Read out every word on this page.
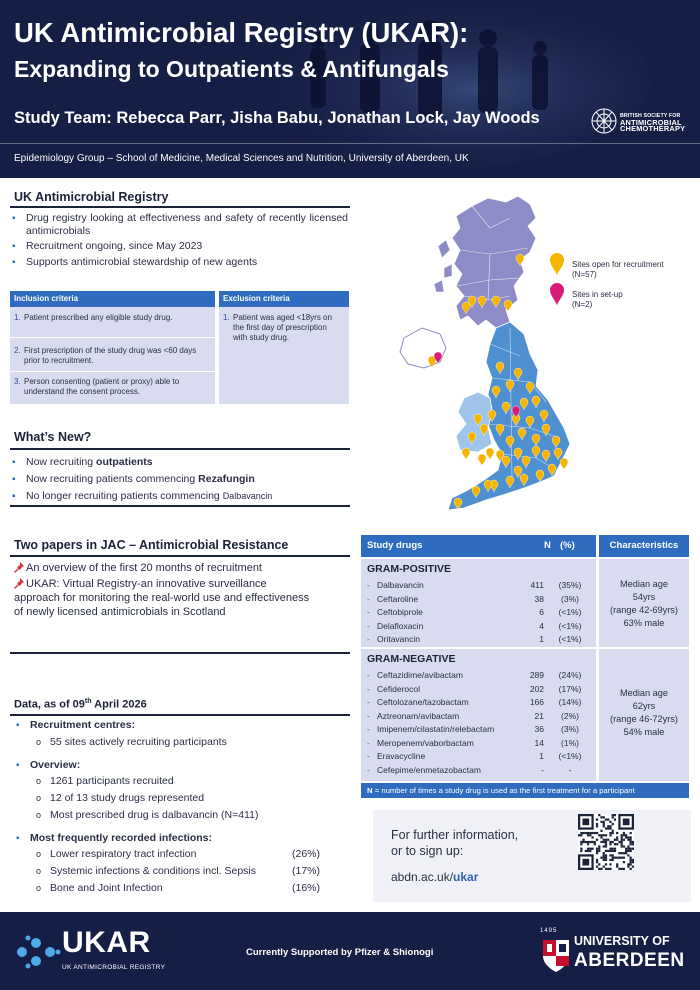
UK Antimicrobial Registry (UKAR):
Expanding to Outpatients & Antifungals
Study Team: Rebecca Parr, Jisha Babu, Jonathan Lock, Jay Woods	BRITISH SOCIETY FOR
ANTIMICROBIAL
CHEMOTHERAPY
Epidemiology Group – School of Medicine, Medical Sciences and Nutrition, University of Aberdeen, UK
UK Antimicrobial Registry
▪ Drug registry looking at effectiveness and safety of recently licensed antimicrobials
▪ Recruitment ongoing, since May 2023
▪ Supports antimicrobial stewardship of new agents
Inclusion criteria	Exclusion criteria
1. Patient prescribed any eligible study drug.
2. First prescription of the study drug was <60 days prior to recruitment.
3. Person consenting (patient or proxy) able to understand the consent process.
1. Patient was aged <18yrs on the first day of prescription with study drug.
What’s New?
▪ Now recruiting outpatients
▪ Now recruiting patients commencing Rezafungin
▪ No longer recruiting patients commencing Dalbavancin
Two papers in JAC – Antimicrobial Resistance
An overview of the first 20 months of recruitment
UKAR: Virtual Registry-an innovative surveillance approach for monitoring the real-world use and effectiveness of newly licensed antimicrobials in Scotland
Data, as of 09th April 2026
▪ Recruitment centres:
o 55 sites actively recruiting participants
▪ Overview:
o 1261 participants recruited
o 12 of 13 study drugs represented
o Most prescribed drug is dalbavancin (N=411)
▪ Most frequently recorded infections:
o Lower respiratory tract infection	(26%)
o Systemic infections & conditions incl. Sepsis	(17%)
o Bone and Joint Infection	(16%)
Sites open for recruitment
(N=57)
Sites in set-up
(N=2)
Study drugs	N (%)	Characteristics
GRAM-POSITIVE
- Dalbavancin	411	(35%)
- Ceftaroline	38	(3%)
- Ceftobiprole	6	(<1%)
- Delafloxacin	4	(<1%)
- Oritavancin	1	(<1%)
Median age
54yrs
(range 42-69yrs)
63% male
GRAM-NEGATIVE
- Ceftazidime/avibactam	289	(24%)
- Cefiderocol	202	(17%)
- Ceftolozane/tazobactam	166	(14%)
- Aztreonam/avibactam	21	(2%)
- Imipenem/cilastatin/relebactam	36	(3%)
- Meropenem/vaborbactam	14	(1%)
- Eravacycline	1	(<1%)
- Cefepime/enmetazobactam	-	-
Median age
62yrs
(range 46-72yrs)
54% male
N = number of times a study drug is used as the first treatment for a participant
For further information,
or to sign up:
abdn.ac.uk/ukar
UKAR
UK ANTIMICROBIAL REGISTRY
Currently Supported by Pfizer & Shionogi
1495
UNIVERSITY OF
ABERDEEN
